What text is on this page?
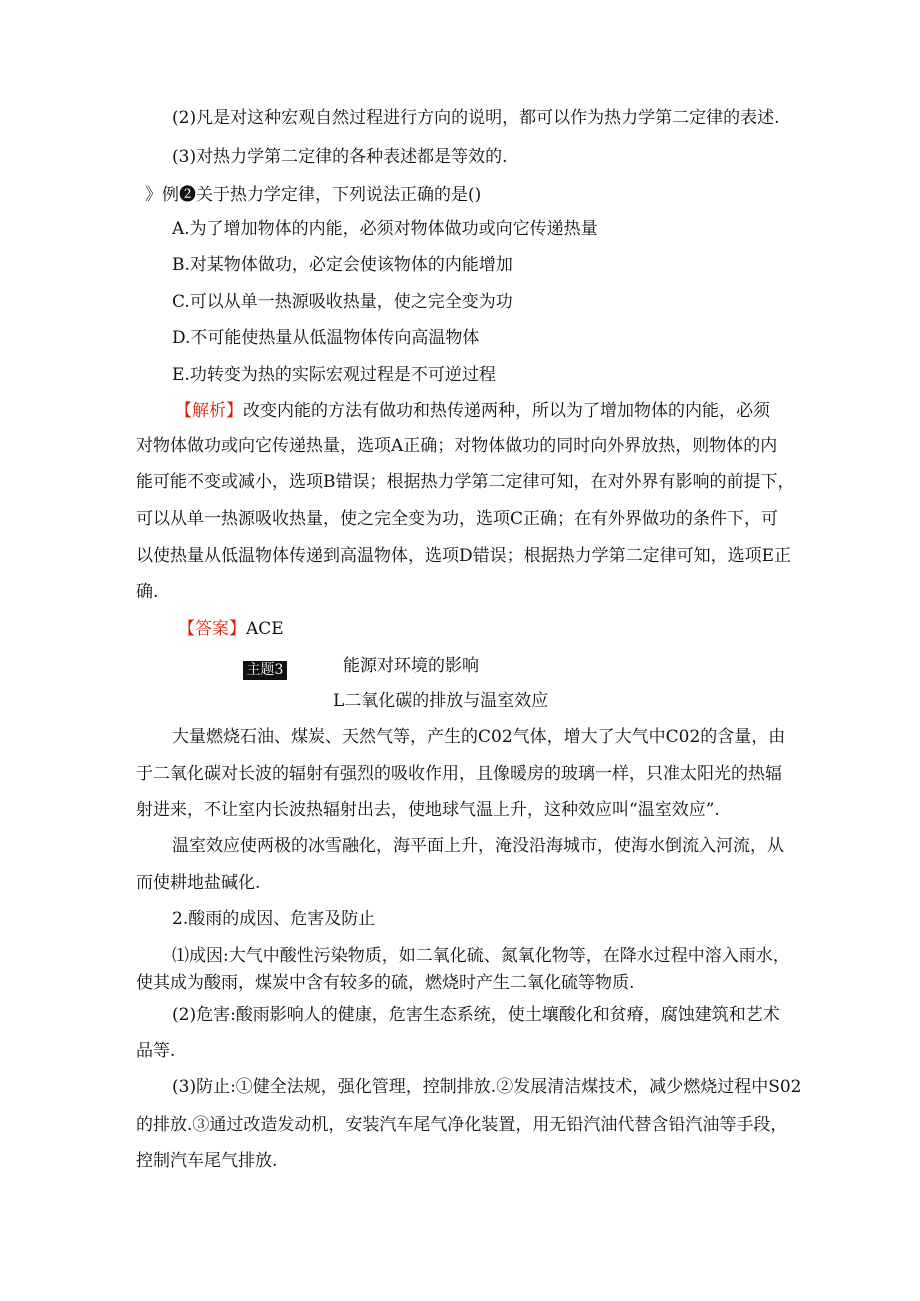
(2)凡是对这种宏观自然过程进行方向的说明，都可以作为热力学第二定律的表述.
(3)对热力学第二定律的各种表述都是等效的.
》例❷关于热力学定律，下列说法正确的是()
A.为了增加物体的内能，必须对物体做功或向它传递热量
B.对某物体做功，必定会使该物体的内能增加
C.可以从单一热源吸收热量，使之完全变为功
D.不可能使热量从低温物体传向高温物体
E.功转变为热的实际宏观过程是不可逆过程
【解析】改变内能的方法有做功和热传递两种，所以为了增加物体的内能，必须
对物体做功或向它传递热量，选项A正确；对物体做功的同时向外界放热，则物体的内
能可能不变或减小，选项B错误；根据热力学第二定律可知，在对外界有影响的前提下，
可以从单一热源吸收热量，使之完全变为功，选项C正确；在有外界做功的条件下，可
以使热量从低温物体传递到高温物体，选项D错误；根据热力学第二定律可知，选项E正
确.
【答案】ACE
主题3	能源对环境的影响
L二氧化碳的排放与温室效应
大量燃烧石油、煤炭、天然气等，产生的C02气体，增大了大气中C02的含量，由
于二氧化碳对长波的辐射有强烈的吸收作用，且像暖房的玻璃一样，只准太阳光的热辐
射进来，不让室内长波热辐射出去，使地球气温上升，这种效应叫“温室效应”.
温室效应使两极的冰雪融化，海平面上升，淹没沿海城市，使海水倒流入河流，从
而使耕地盐碱化.
2.酸雨的成因、危害及防止
⑴成因:大气中酸性污染物质，如二氧化硫、氮氧化物等，在降水过程中溶入雨水，
使其成为酸雨，煤炭中含有较多的硫，燃烧时产生二氧化硫等物质.
(2)危害:酸雨影响人的健康，危害生态系统，使土壤酸化和贫瘠，腐蚀建筑和艺术
品等.
(3)防止:①健全法规，强化管理，控制排放.②发展清洁煤技术，减少燃烧过程中S02
的排放.③通过改造发动机，安装汽车尾气净化装置，用无铅汽油代替含铅汽油等手段，
控制汽车尾气排放.
